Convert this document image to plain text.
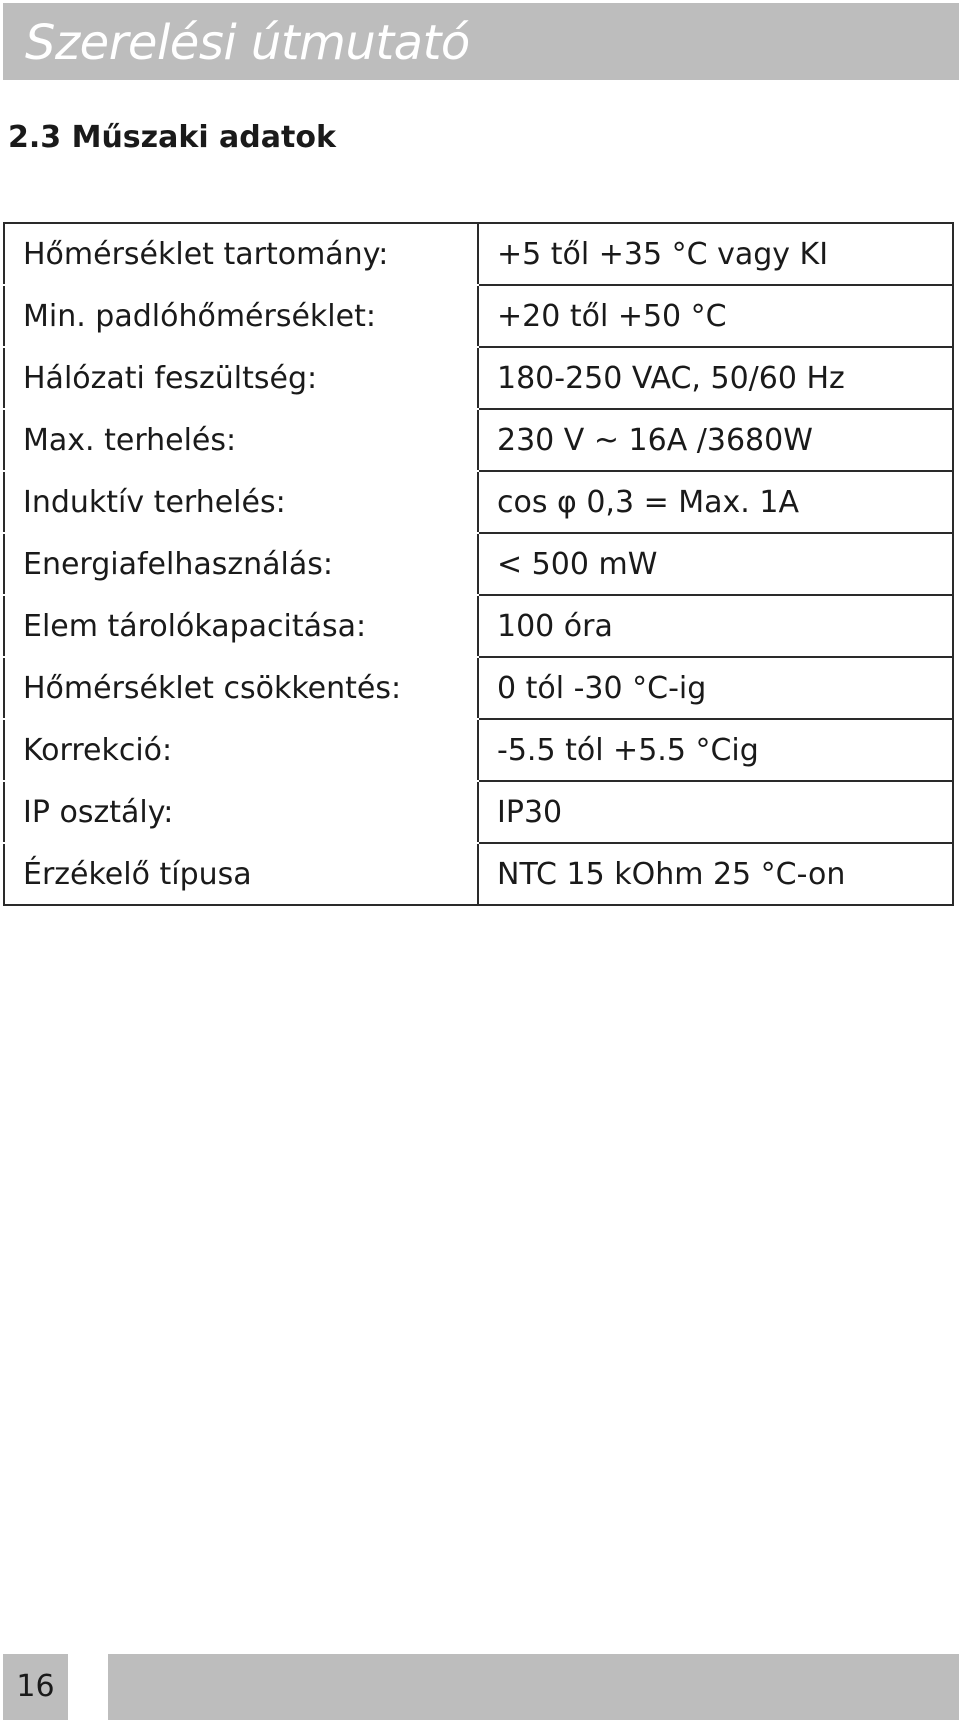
Szerelési útmutató
2.3 Műszaki adatok
Hőmérséklet tartomány:	+5 től +35 °C vagy KI
Min. padlóhőmérséklet:	+20 től +50 °C
Hálózati feszültség:	180-250 VAC, 50/60 Hz
Max. terhelés:	230 V ~ 16A /3680W
Induktív terhelés:	cos φ 0,3 = Max. 1A
Energiafelhasználás:	< 500 mW
Elem tárolókapacitása:	100 óra
Hőmérséklet csökkentés:	0 tól -30 °C-ig
Korrekció:	-5.5 tól +5.5 °Cig
IP osztály:	IP30
Érzékelő típusa	NTC 15 kOhm 25 °C-on
16
